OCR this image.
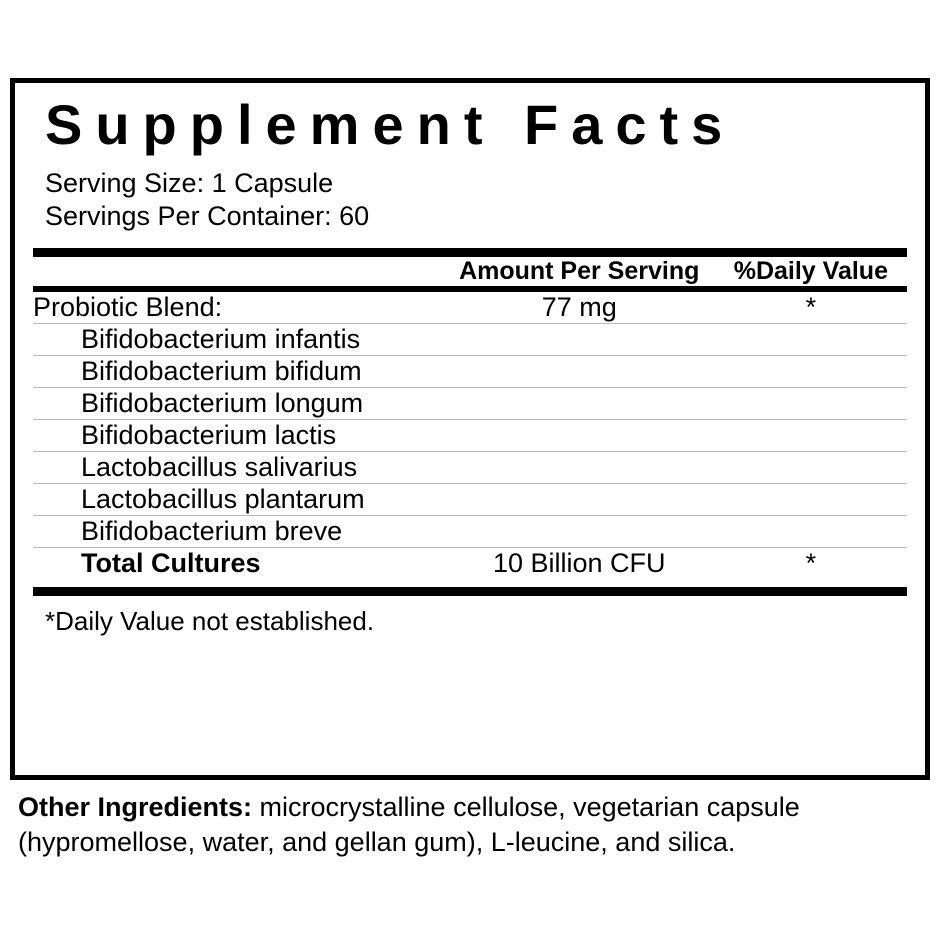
Supplement Facts
Serving Size: 1 Capsule
Servings Per Container: 60
	Amount Per Serving	%Daily Value
Probiotic Blend:	77 mg	*
Bifidobacterium infantis		
Bifidobacterium bifidum		
Bifidobacterium longum		
Bifidobacterium lactis		
Lactobacillus salivarius		
Lactobacillus plantarum		
Bifidobacterium breve		
Total Cultures	10 Billion CFU	*
*Daily Value not established.
Other Ingredients: microcrystalline cellulose, vegetarian capsule (hypromellose, water, and gellan gum), L-leucine, and silica.
